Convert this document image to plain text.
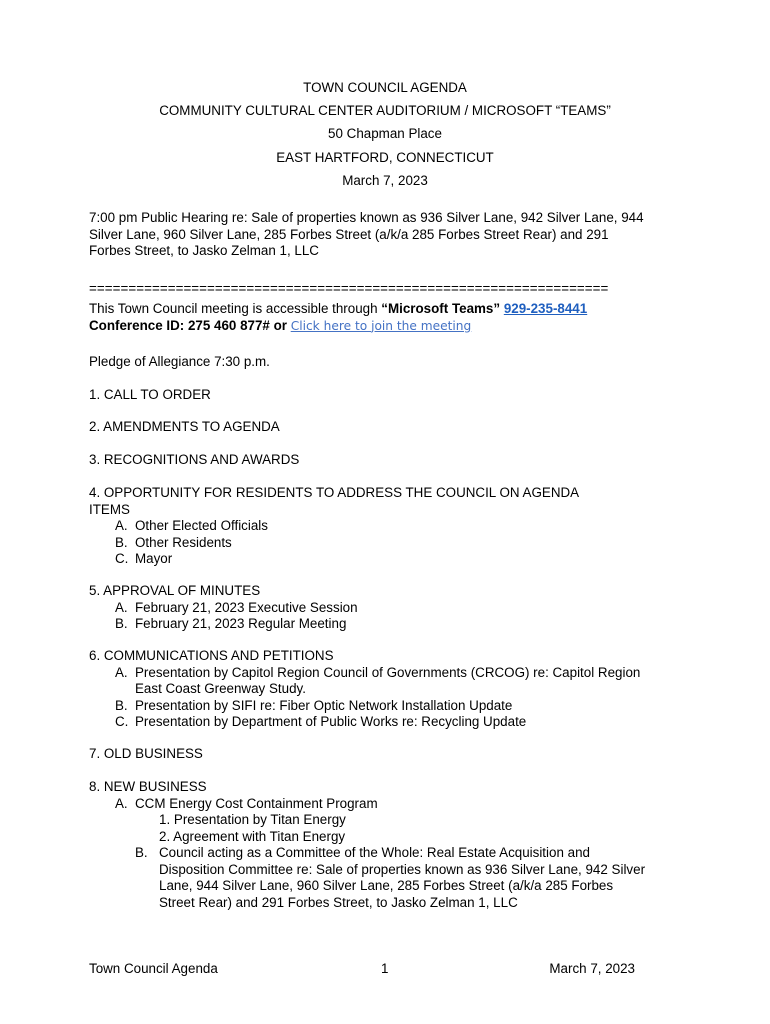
TOWN COUNCIL AGENDA
COMMUNITY CULTURAL CENTER AUDITORIUM / MICROSOFT “TEAMS”
50 Chapman Place
EAST HARTFORD, CONNECTICUT
March 7, 2023
7:00 pm Public Hearing re: Sale of properties known as 936 Silver Lane, 942 Silver Lane, 944 Silver Lane, 960 Silver Lane, 285 Forbes Street (a/k/a 285 Forbes Street Rear) and 291 Forbes Street, to Jasko Zelman 1, LLC
==================================================================
This Town Council meeting is accessible through “Microsoft Teams” 929-235-8441
Conference ID: 275 460 877# or Click here to join the meeting
Pledge of Allegiance 7:30 p.m.
1. CALL TO ORDER
2. AMENDMENTS TO AGENDA
3. RECOGNITIONS AND AWARDS
4. OPPORTUNITY FOR RESIDENTS TO ADDRESS THE COUNCIL ON AGENDA ITEMS
A. Other Elected Officials
B. Other Residents
C. Mayor
5. APPROVAL OF MINUTES
A. February 21, 2023 Executive Session
B. February 21, 2023 Regular Meeting
6. COMMUNICATIONS AND PETITIONS
A. Presentation by Capitol Region Council of Governments (CRCOG) re: Capitol Region East Coast Greenway Study.
B. Presentation by SIFI re: Fiber Optic Network Installation Update
C. Presentation by Department of Public Works re: Recycling Update
7. OLD BUSINESS
8. NEW BUSINESS
A. CCM Energy Cost Containment Program
1. Presentation by Titan Energy
2. Agreement with Titan Energy
B. Council acting as a Committee of the Whole: Real Estate Acquisition and Disposition Committee re: Sale of properties known as 936 Silver Lane, 942 Silver Lane, 944 Silver Lane, 960 Silver Lane, 285 Forbes Street (a/k/a 285 Forbes Street Rear) and 291 Forbes Street, to Jasko Zelman 1, LLC
Town Council Agenda	1	March 7, 2023
